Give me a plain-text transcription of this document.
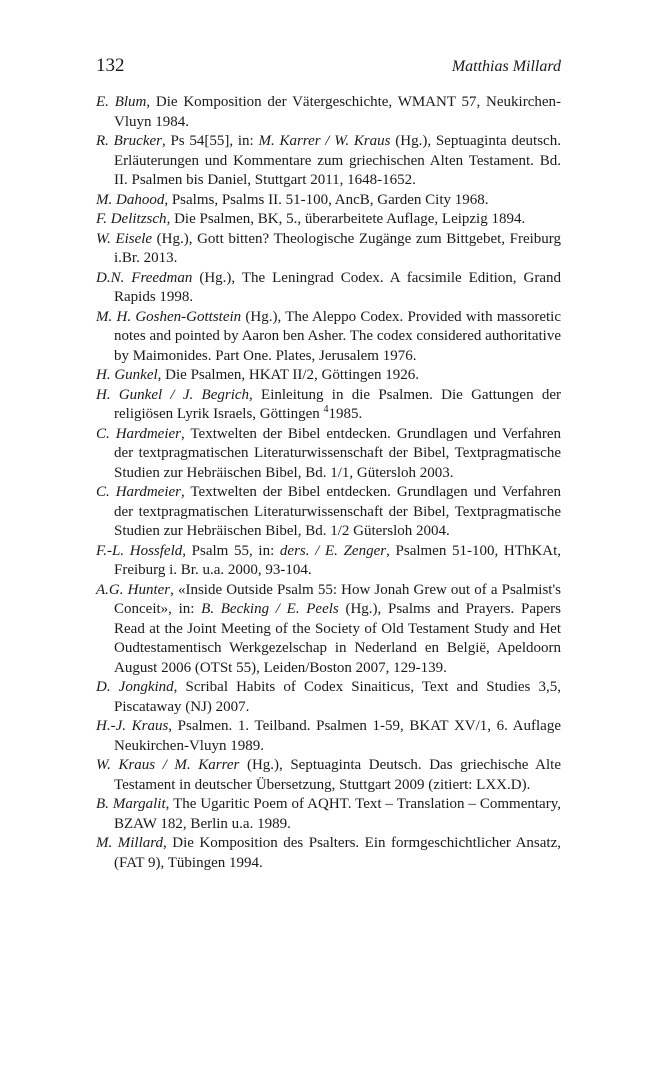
132	Matthias Millard
E. Blum, Die Komposition der Vätergeschichte, WMANT 57, Neukirchen-Vluyn 1984.
R. Brucker, Ps 54[55], in: M. Karrer / W. Kraus (Hg.), Septuaginta deutsch. Erläuterungen und Kommentare zum griechischen Alten Testament. Bd. II. Psalmen bis Daniel, Stuttgart 2011, 1648-1652.
M. Dahood, Psalms, Psalms II. 51-100, AncB, Garden City 1968.
F. Delitzsch, Die Psalmen, BK, 5., überarbeitete Auflage, Leipzig 1894.
W. Eisele (Hg.), Gott bitten? Theologische Zugänge zum Bittgebet, Freiburg i.Br. 2013.
D.N. Freedman (Hg.), The Leningrad Codex. A facsimile Edition, Grand Rapids 1998.
M. H. Goshen-Gottstein (Hg.), The Aleppo Codex. Provided with massoretic notes and pointed by Aaron ben Asher. The codex considered authoritative by Maimonides. Part One. Plates, Jerusalem 1976.
H. Gunkel, Die Psalmen, HKAT II/2, Göttingen 1926.
H. Gunkel / J. Begrich, Einleitung in die Psalmen. Die Gattungen der religiösen Lyrik Israels, Göttingen $^4$1985.
C. Hardmeier, Textwelten der Bibel entdecken. Grundlagen und Verfahren der textpragmatischen Literaturwissenschaft der Bibel, Textpragmatische Studien zur Hebräischen Bibel, Bd. 1/1, Gütersloh 2003.
C. Hardmeier, Textwelten der Bibel entdecken. Grundlagen und Verfahren der textpragmatischen Literaturwissenschaft der Bibel, Textpragmatische Studien zur Hebräischen Bibel, Bd. 1/2 Gütersloh 2004.
F.-L. Hossfeld, Psalm 55, in: ders. / E. Zenger, Psalmen 51-100, HThKAt, Freiburg i. Br. u.a. 2000, 93-104.
A.G. Hunter, «Inside Outside Psalm 55: How Jonah Grew out of a Psalmist's Conceit», in: B. Becking / E. Peels (Hg.), Psalms and Prayers. Papers Read at the Joint Meeting of the Society of Old Testament Study and Het Oudtestamentisch Werkgezelschap in Nederland en België, Apeldoorn August 2006 (OTSt 55), Leiden/Boston 2007, 129-139.
D. Jongkind, Scribal Habits of Codex Sinaiticus, Text and Studies 3,5, Piscataway (NJ) 2007.
H.-J. Kraus, Psalmen. 1. Teilband. Psalmen 1-59, BKAT XV/1, 6. Auflage Neukirchen-Vluyn 1989.
W. Kraus / M. Karrer (Hg.), Septuaginta Deutsch. Das griechische Alte Testament in deutscher Übersetzung, Stuttgart 2009 (zitiert: LXX.D).
B. Margalit, The Ugaritic Poem of AQHT. Text – Translation – Commentary, BZAW 182, Berlin u.a. 1989.
M. Millard, Die Komposition des Psalters. Ein formgeschichtlicher Ansatz, (FAT 9), Tübingen 1994.
